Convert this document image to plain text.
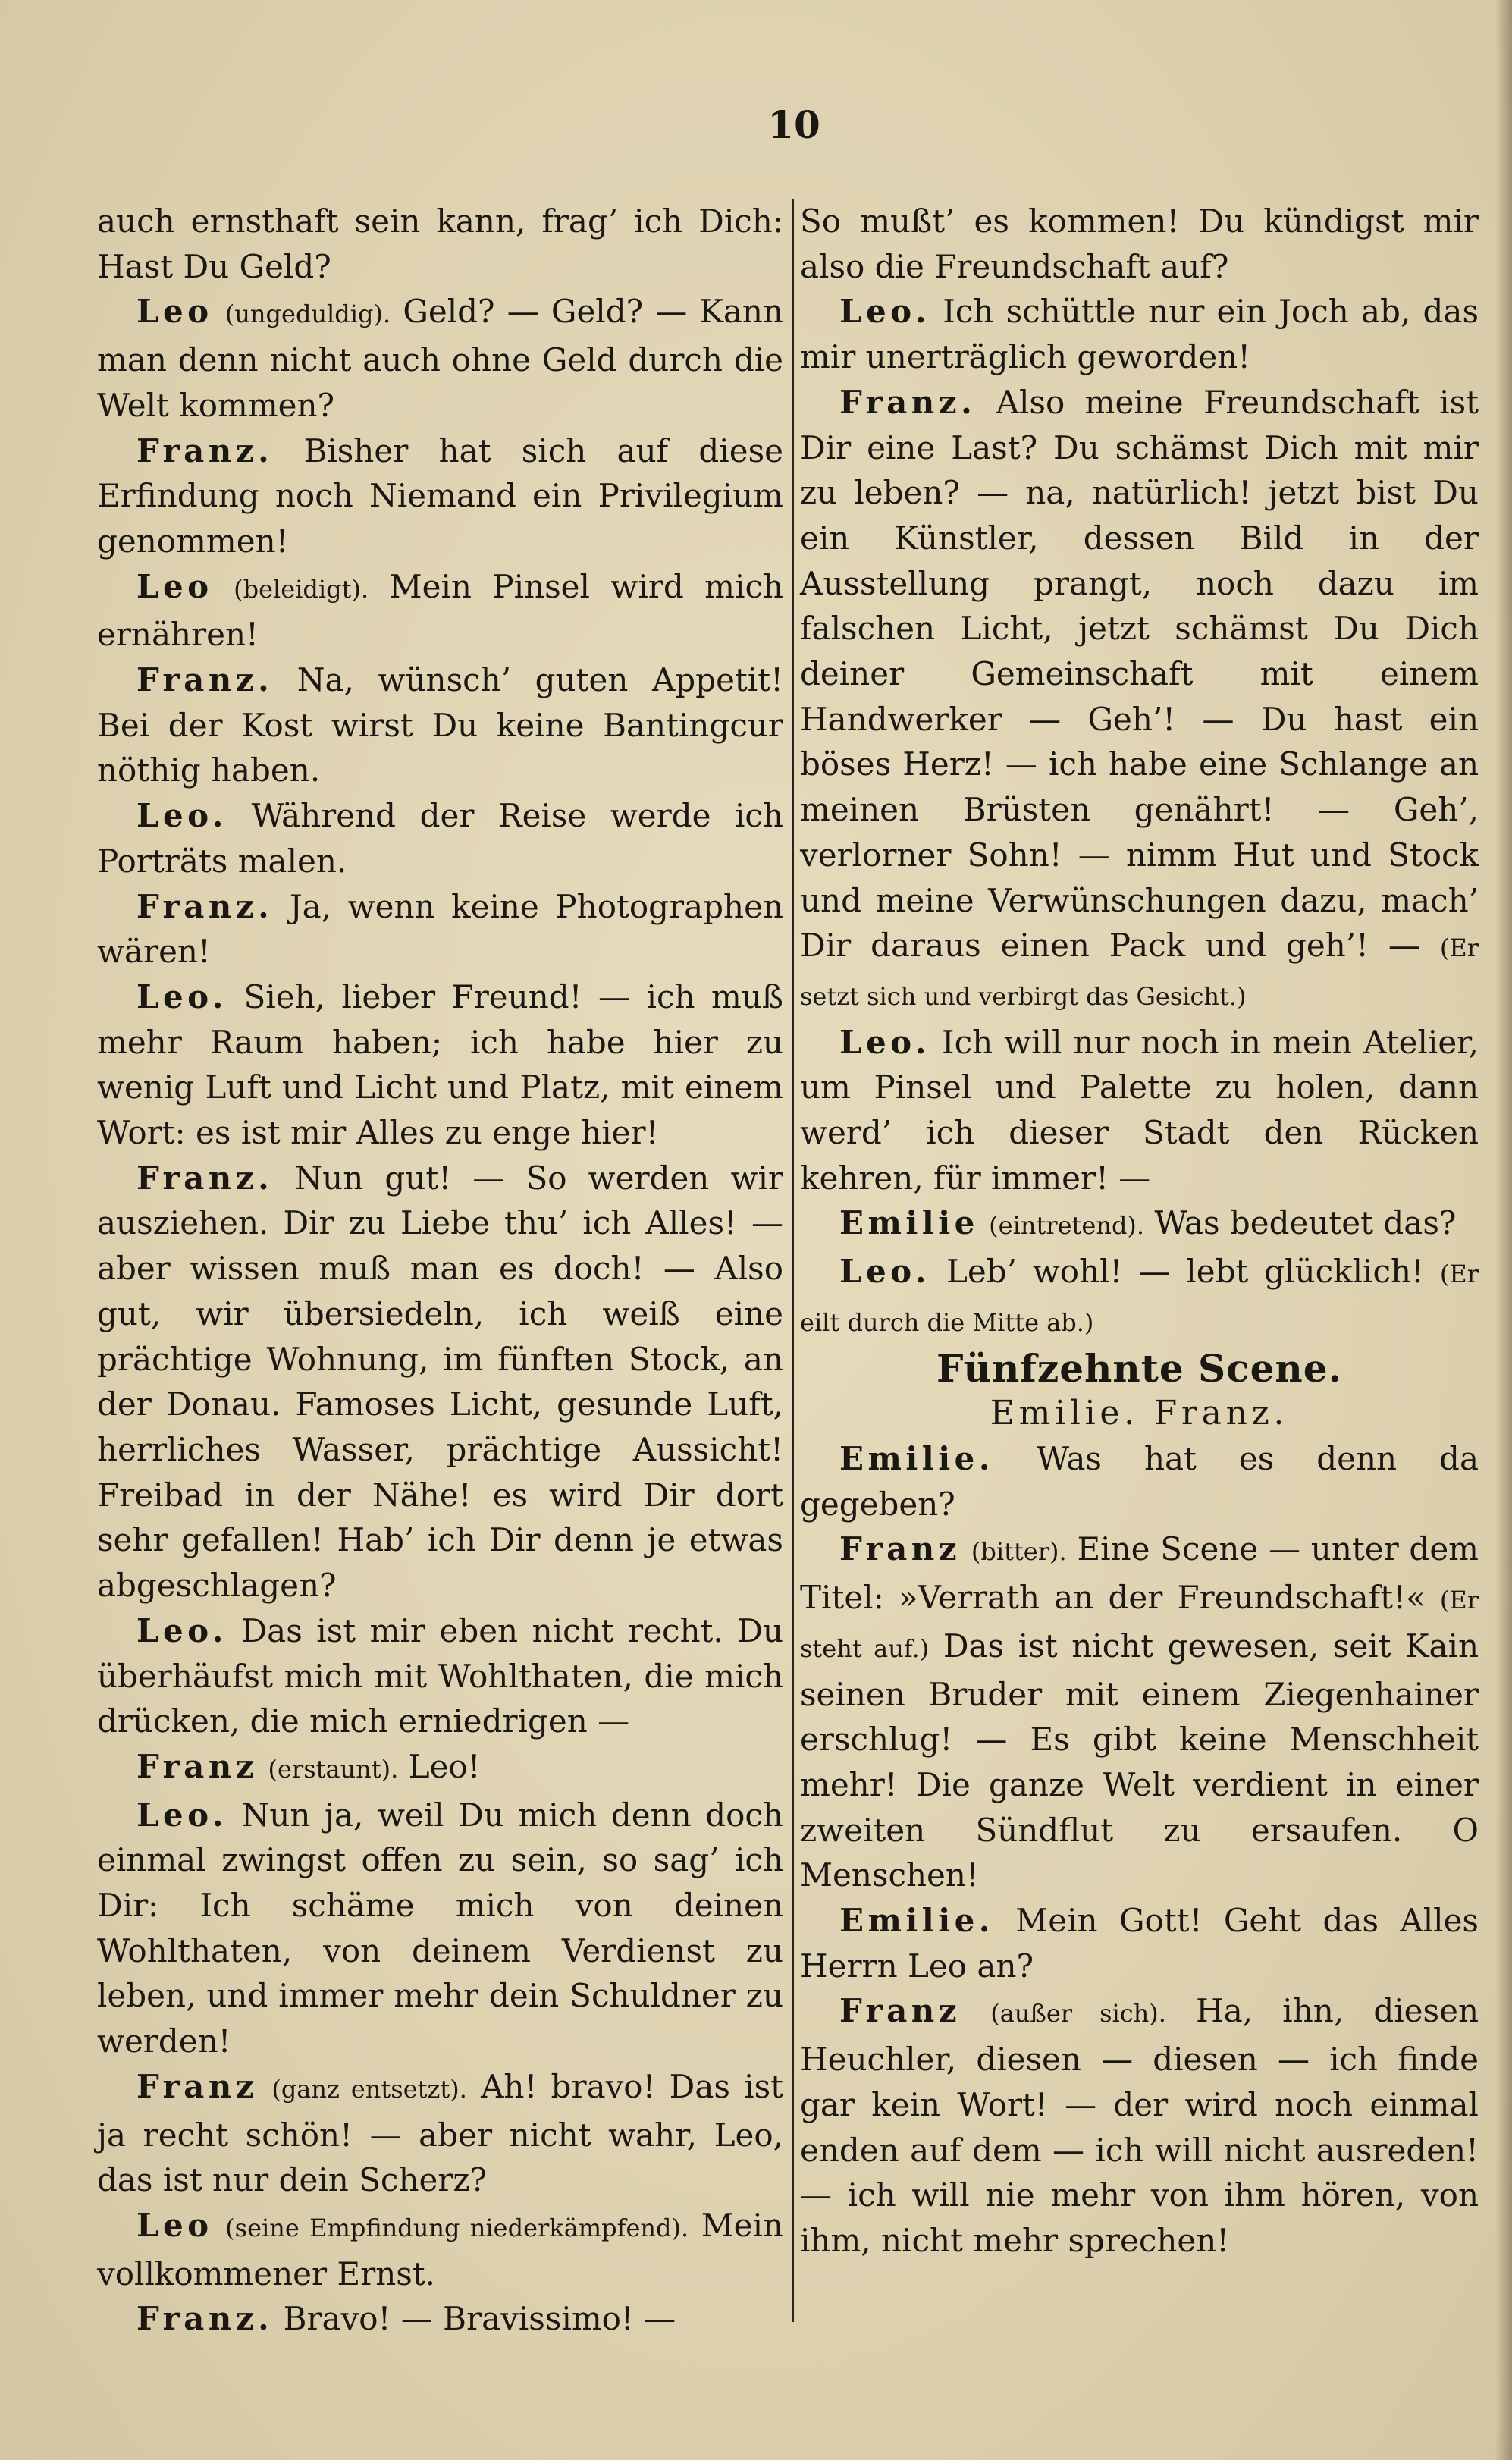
10

auch ernsthaft sein kann, frag’ ich Dich: Hast Du Geld?

Leo (ungeduldig). Geld? — Geld? — Kann man denn nicht auch ohne Geld durch die Welt kommen?

Franz. Bisher hat sich auf diese Erfindung noch Niemand ein Privilegium genommen!

Leo (beleidigt). Mein Pinsel wird mich ernähren!

Franz. Na, wünsch’ guten Appetit! Bei der Kost wirst Du keine Bantingcur nöthig haben.

Leo. Während der Reise werde ich Porträts malen.

Franz. Ja, wenn keine Photographen wären!

Leo. Sieh, lieber Freund! — ich muß mehr Raum haben; ich habe hier zu wenig Luft und Licht und Platz, mit einem Wort: es ist mir Alles zu enge hier!

Franz. Nun gut! — So werden wir ausziehen. Dir zu Liebe thu’ ich Alles! — aber wissen muß man es doch! — Also gut, wir übersiedeln, ich weiß eine prächtige Wohnung, im fünften Stock, an der Donau. Famoses Licht, gesunde Luft, herrliches Wasser, prächtige Aussicht! Freibad in der Nähe! es wird Dir dort sehr gefallen! Hab’ ich Dir denn je etwas abgeschlagen?

Leo. Das ist mir eben nicht recht. Du überhäufst mich mit Wohlthaten, die mich drücken, die mich erniedrigen —

Franz (erstaunt). Leo!

Leo. Nun ja, weil Du mich denn doch einmal zwingst offen zu sein, so sag’ ich Dir: Ich schäme mich von deinen Wohlthaten, von deinem Verdienst zu leben, und immer mehr dein Schuldner zu werden!

Franz (ganz entsetzt). Ah! bravo! Das ist ja recht schön! — aber nicht wahr, Leo, das ist nur dein Scherz?

Leo (seine Empfindung niederkämpfend). Mein vollkommener Ernst.

Franz. Bravo! — Bravissimo! —

So mußt’ es kommen! Du kündigst mir also die Freundschaft auf?

Leo. Ich schüttle nur ein Joch ab, das mir unerträglich geworden!

Franz. Also meine Freundschaft ist Dir eine Last? Du schämst Dich mit mir zu leben? — na, natürlich! jetzt bist Du ein Künstler, dessen Bild in der Ausstellung prangt, noch dazu im falschen Licht, jetzt schämst Du Dich deiner Gemeinschaft mit einem Handwerker — Geh’! — Du hast ein böses Herz! — ich habe eine Schlange an meinen Brüsten genährt! — Geh’, verlorner Sohn! — nimm Hut und Stock und meine Verwünschungen dazu, mach’ Dir daraus einen Pack und geh’! — (Er setzt sich und verbirgt das Gesicht.)

Leo. Ich will nur noch in mein Atelier, um Pinsel und Palette zu holen, dann werd’ ich dieser Stadt den Rücken kehren, für immer! —

Emilie (eintretend). Was bedeutet das?

Leo. Leb’ wohl! — lebt glücklich! (Er eilt durch die Mitte ab.)

Fünfzehnte Scene.

Emilie. Franz.

Emilie. Was hat es denn da gegeben?

Franz (bitter). Eine Scene — unter dem Titel: »Verrath an der Freundschaft!« (Er steht auf.) Das ist nicht gewesen, seit Kain seinen Bruder mit einem Ziegenhainer erschlug! — Es gibt keine Menschheit mehr! Die ganze Welt verdient in einer zweiten Sündflut zu ersaufen. O Menschen!

Emilie. Mein Gott! Geht das Alles Herrn Leo an?

Franz (außer sich). Ha, ihn, diesen Heuchler, diesen — diesen — ich finde gar kein Wort! — der wird noch einmal enden auf dem — ich will nicht ausreden! — ich will nie mehr von ihm hören, von ihm, nicht mehr sprechen!
